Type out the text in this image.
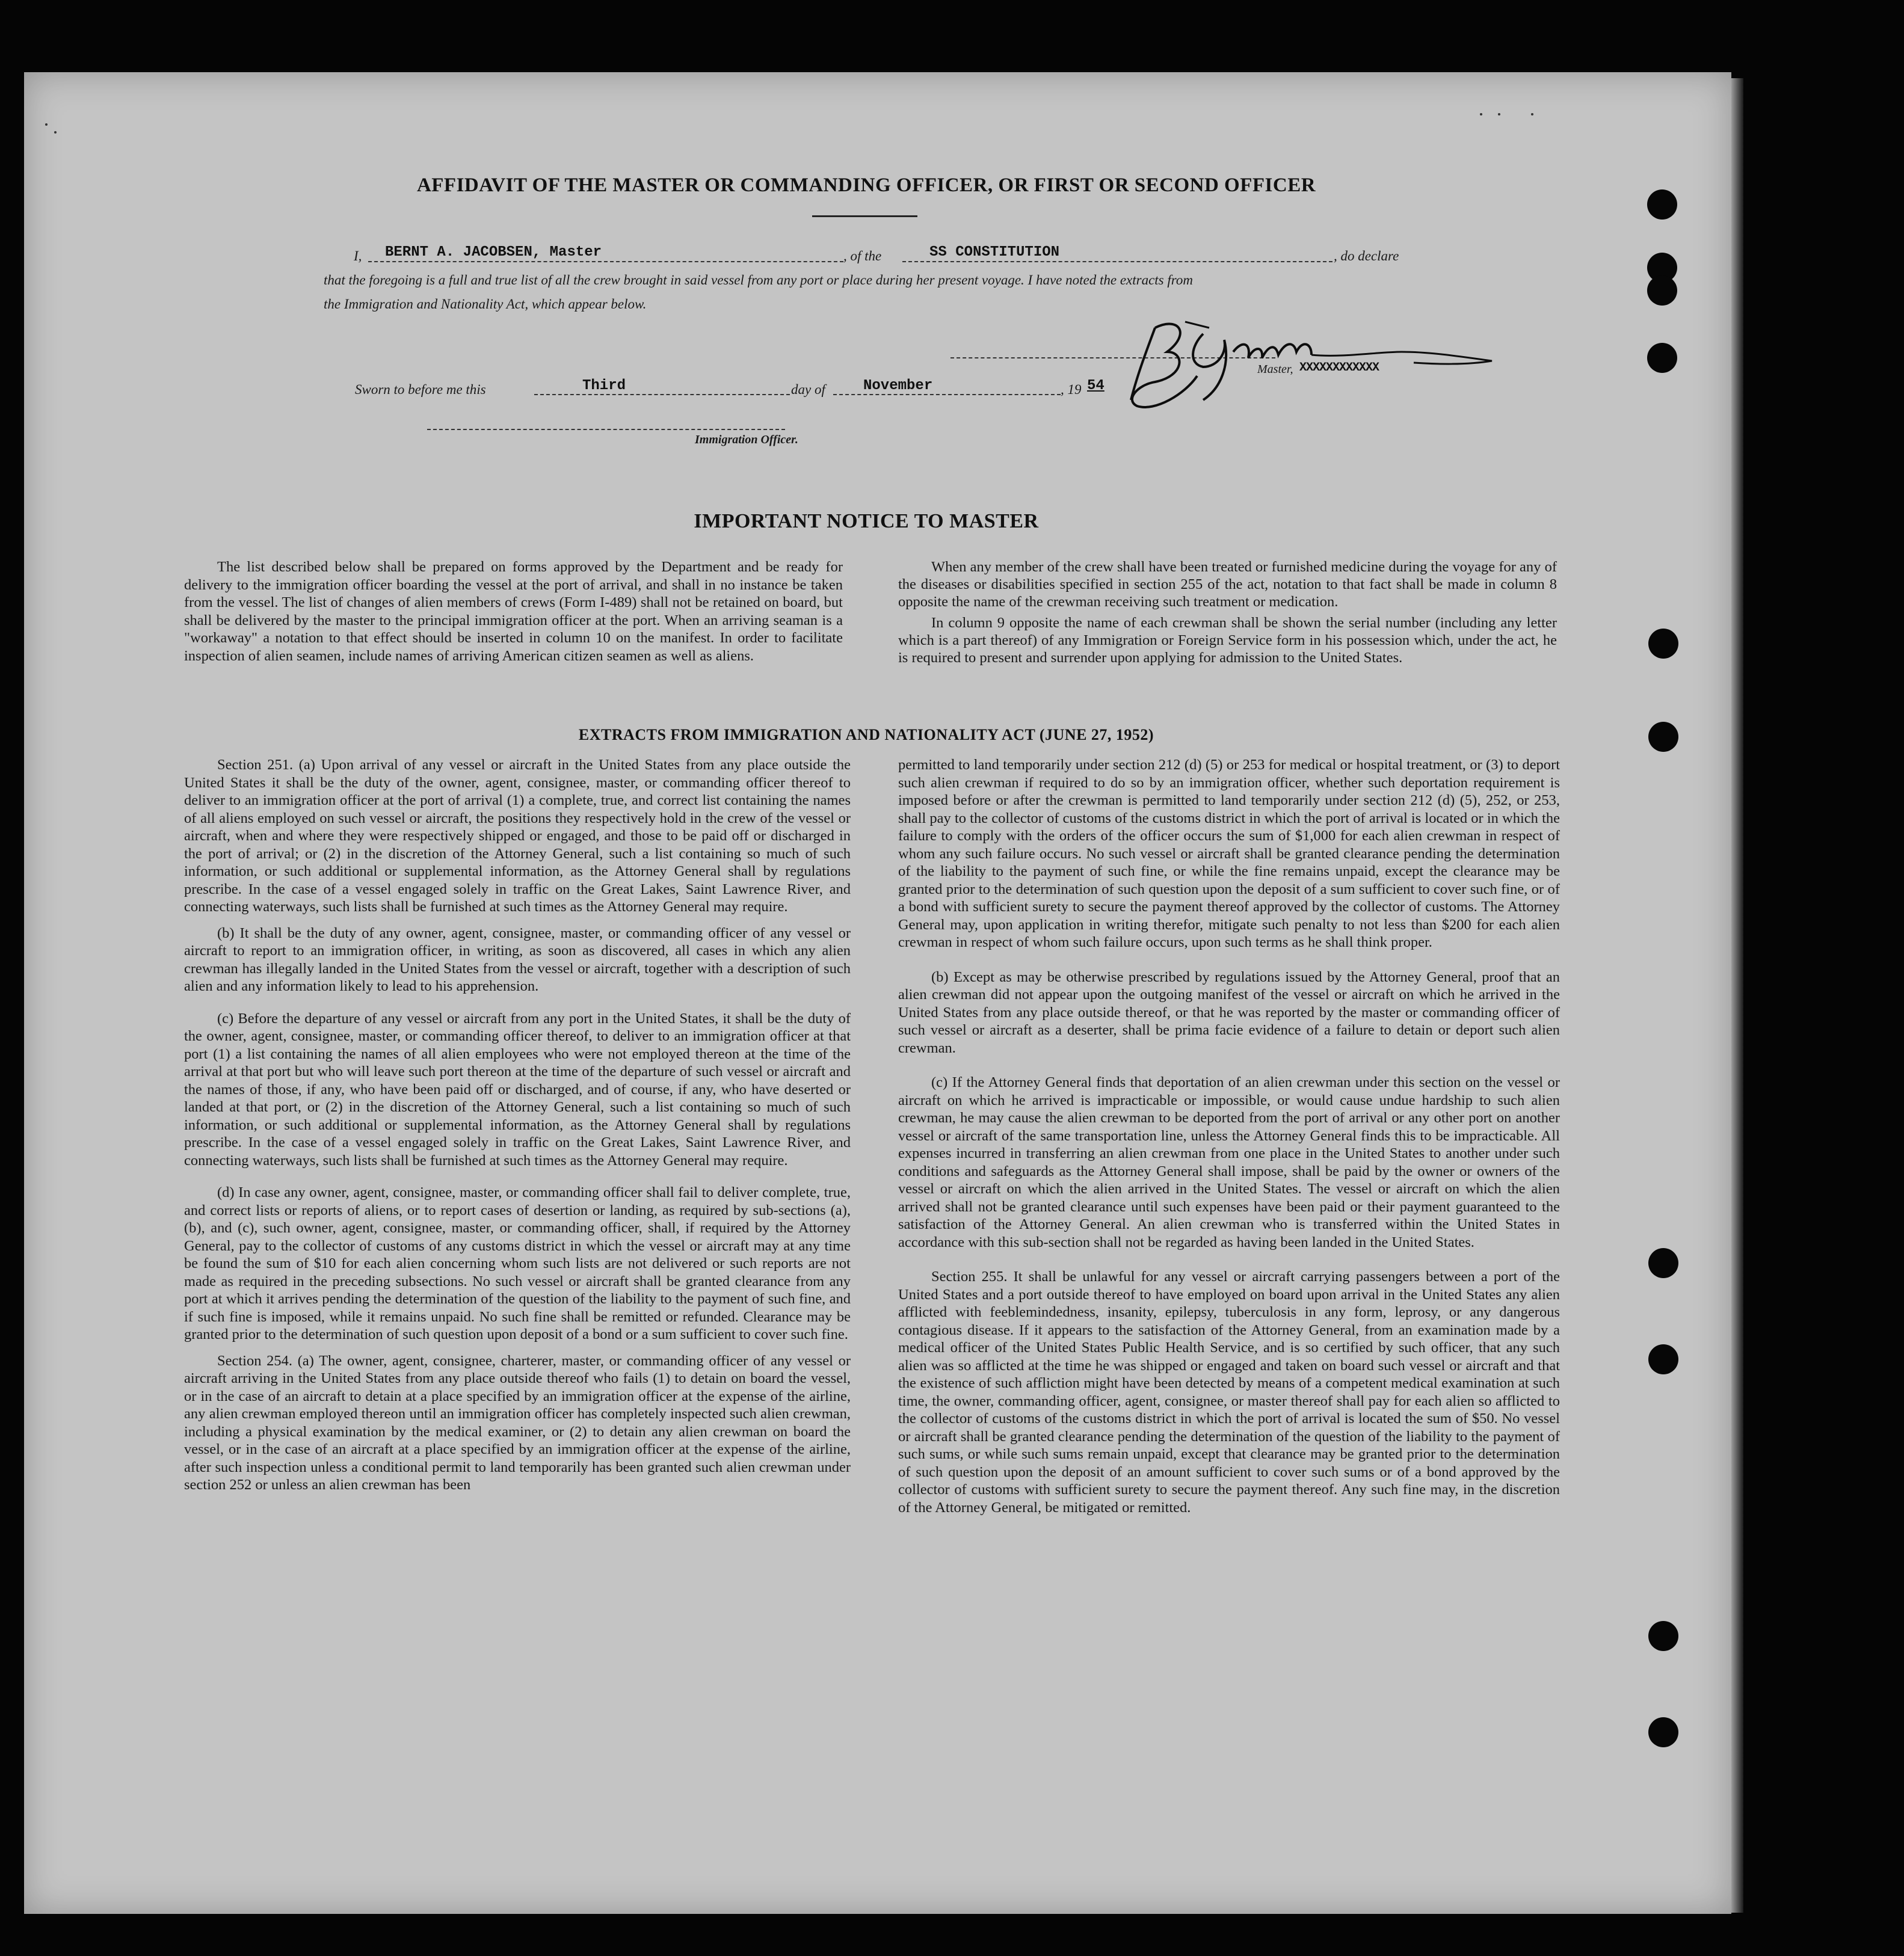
AFFIDAVIT OF THE MASTER OR COMMANDING OFFICER, OR FIRST OR SECOND OFFICER
I, BERNT A. JACOBSEN, Master	, of the	SS CONSTITUTION	, do declare
that the foregoing is a full and true list of all the crew brought in said vessel from any port or place during her present voyage. I have noted the extracts from
the Immigration and Nationality Act, which appear below.
Sworn to before me this	Third	day of	November	, 19 54
Master, XXXXXXXXXXXX
Immigration Officer.
IMPORTANT NOTICE TO MASTER

The list described below shall be prepared on forms approved by the Department and be ready for delivery to the immigration officer boarding the vessel at the port of arrival, and shall in no instance be taken from the vessel. The list of changes of alien members of crews (Form I-489) shall not be retained on board, but shall be delivered by the master to the principal immigration officer at the port. When an arriving seaman is a "workaway" a notation to that effect should be inserted in column 10 on the manifest. In order to facilitate inspection of alien seamen, include names of arriving American citizen seamen as well as aliens.

When any member of the crew shall have been treated or furnished medicine during the voyage for any of the diseases or disabilities specified in section 255 of the act, notation to that fact shall be made in column 8 opposite the name of the crewman receiving such treatment or medication.

In column 9 opposite the name of each crewman shall be shown the serial number (including any letter which is a part thereof) of any Immigration or Foreign Service form in his possession which, under the act, he is required to present and surrender upon applying for admission to the United States.

EXTRACTS FROM IMMIGRATION AND NATIONALITY ACT (JUNE 27, 1952)

Section 251. (a) Upon arrival of any vessel or aircraft in the United States from any place outside the United States it shall be the duty of the owner, agent, consignee, master, or commanding officer thereof to deliver to an immigration officer at the port of arrival (1) a complete, true, and correct list containing the names of all aliens employed on such vessel or aircraft, the positions they respectively hold in the crew of the vessel or aircraft, when and where they were respectively shipped or engaged, and those to be paid off or discharged in the port of arrival; or (2) in the discretion of the Attorney General, such a list containing so much of such information, or such additional or supplemental information, as the Attorney General shall by regulations prescribe. In the case of a vessel engaged solely in traffic on the Great Lakes, Saint Lawrence River, and connecting waterways, such lists shall be furnished at such times as the Attorney General may require.

(b) It shall be the duty of any owner, agent, consignee, master, or commanding officer of any vessel or aircraft to report to an immigration officer, in writing, as soon as discovered, all cases in which any alien crewman has illegally landed in the United States from the vessel or aircraft, together with a description of such alien and any information likely to lead to his apprehension.

(c) Before the departure of any vessel or aircraft from any port in the United States, it shall be the duty of the owner, agent, consignee, master, or commanding officer thereof, to deliver to an immigration officer at that port (1) a list containing the names of all alien employees who were not employed thereon at the time of the arrival at that port but who will leave such port thereon at the time of the departure of such vessel or aircraft and the names of those, if any, who have been paid off or discharged, and of course, if any, who have deserted or landed at that port, or (2) in the discretion of the Attorney General, such a list containing so much of such information, or such additional or supplemental information, as the Attorney General shall by regulations prescribe. In the case of a vessel engaged solely in traffic on the Great Lakes, Saint Lawrence River, and connecting waterways, such lists shall be furnished at such times as the Attorney General may require.

(d) In case any owner, agent, consignee, master, or commanding officer shall fail to deliver complete, true, and correct lists or reports of aliens, or to report cases of desertion or landing, as required by sub-sections (a), (b), and (c), such owner, agent, consignee, master, or commanding officer, shall, if required by the Attorney General, pay to the collector of customs of any customs district in which the vessel or aircraft may at any time be found the sum of $10 for each alien concerning whom such lists are not delivered or such reports are not made as required in the preceding subsections. No such vessel or aircraft shall be granted clearance from any port at which it arrives pending the determination of the question of the liability to the payment of such fine, and if such fine is imposed, while it remains unpaid. No such fine shall be remitted or refunded. Clearance may be granted prior to the determination of such question upon deposit of a bond or a sum sufficient to cover such fine.

Section 254. (a) The owner, agent, consignee, charterer, master, or commanding officer of any vessel or aircraft arriving in the United States from any place outside thereof who fails (1) to detain on board the vessel, or in the case of an aircraft to detain at a place specified by an immigration officer at the expense of the airline, any alien crewman employed thereon until an immigration officer has completely inspected such alien crewman, including a physical examination by the medical examiner, or (2) to detain any alien crewman on board the vessel, or in the case of an aircraft at a place specified by an immigration officer at the expense of the airline, after such inspection unless a conditional permit to land temporarily has been granted such alien crewman under section 252 or unless an alien crewman has been

permitted to land temporarily under section 212 (d) (5) or 253 for medical or hospital treatment, or (3) to deport such alien crewman if required to do so by an immigration officer, whether such deportation requirement is imposed before or after the crewman is permitted to land temporarily under section 212 (d) (5), 252, or 253, shall pay to the collector of customs of the customs district in which the port of arrival is located or in which the failure to comply with the orders of the officer occurs the sum of $1,000 for each alien crewman in respect of whom any such failure occurs. No such vessel or aircraft shall be granted clearance pending the determination of the liability to the payment of such fine, or while the fine remains unpaid, except the clearance may be granted prior to the determination of such question upon the deposit of a sum sufficient to cover such fine, or of a bond with sufficient surety to secure the payment thereof approved by the collector of customs. The Attorney General may, upon application in writing therefor, mitigate such penalty to not less than $200 for each alien crewman in respect of whom such failure occurs, upon such terms as he shall think proper.

(b) Except as may be otherwise prescribed by regulations issued by the Attorney General, proof that an alien crewman did not appear upon the outgoing manifest of the vessel or aircraft on which he arrived in the United States from any place outside thereof, or that he was reported by the master or commanding officer of such vessel or aircraft as a deserter, shall be prima facie evidence of a failure to detain or deport such alien crewman.

(c) If the Attorney General finds that deportation of an alien crewman under this section on the vessel or aircraft on which he arrived is impracticable or impossible, or would cause undue hardship to such alien crewman, he may cause the alien crewman to be deported from the port of arrival or any other port on another vessel or aircraft of the same transportation line, unless the Attorney General finds this to be impracticable. All expenses incurred in transferring an alien crewman from one place in the United States to another under such conditions and safeguards as the Attorney General shall impose, shall be paid by the owner or owners of the vessel or aircraft on which the alien arrived in the United States. The vessel or aircraft on which the alien arrived shall not be granted clearance until such expenses have been paid or their payment guaranteed to the satisfaction of the Attorney General. An alien crewman who is transferred within the United States in accordance with this sub-section shall not be regarded as having been landed in the United States.

Section 255. It shall be unlawful for any vessel or aircraft carrying passengers between a port of the United States and a port outside thereof to have employed on board upon arrival in the United States any alien afflicted with feeblemindedness, insanity, epilepsy, tuberculosis in any form, leprosy, or any dangerous contagious disease. If it appears to the satisfaction of the Attorney General, from an examination made by a medical officer of the United States Public Health Service, and is so certified by such officer, that any such alien was so afflicted at the time he was shipped or engaged and taken on board such vessel or aircraft and that the existence of such affliction might have been detected by means of a competent medical examination at such time, the owner, commanding officer, agent, consignee, or master thereof shall pay for each alien so afflicted to the collector of customs of the customs district in which the port of arrival is located the sum of $50. No vessel or aircraft shall be granted clearance pending the determination of the question of the liability to the payment of such sums, or while such sums remain unpaid, except that clearance may be granted prior to the determination of such question upon the deposit of an amount sufficient to cover such sums or of a bond approved by the collector of customs with sufficient surety to secure the payment thereof. Any such fine may, in the discretion of the Attorney General, be mitigated or remitted.
